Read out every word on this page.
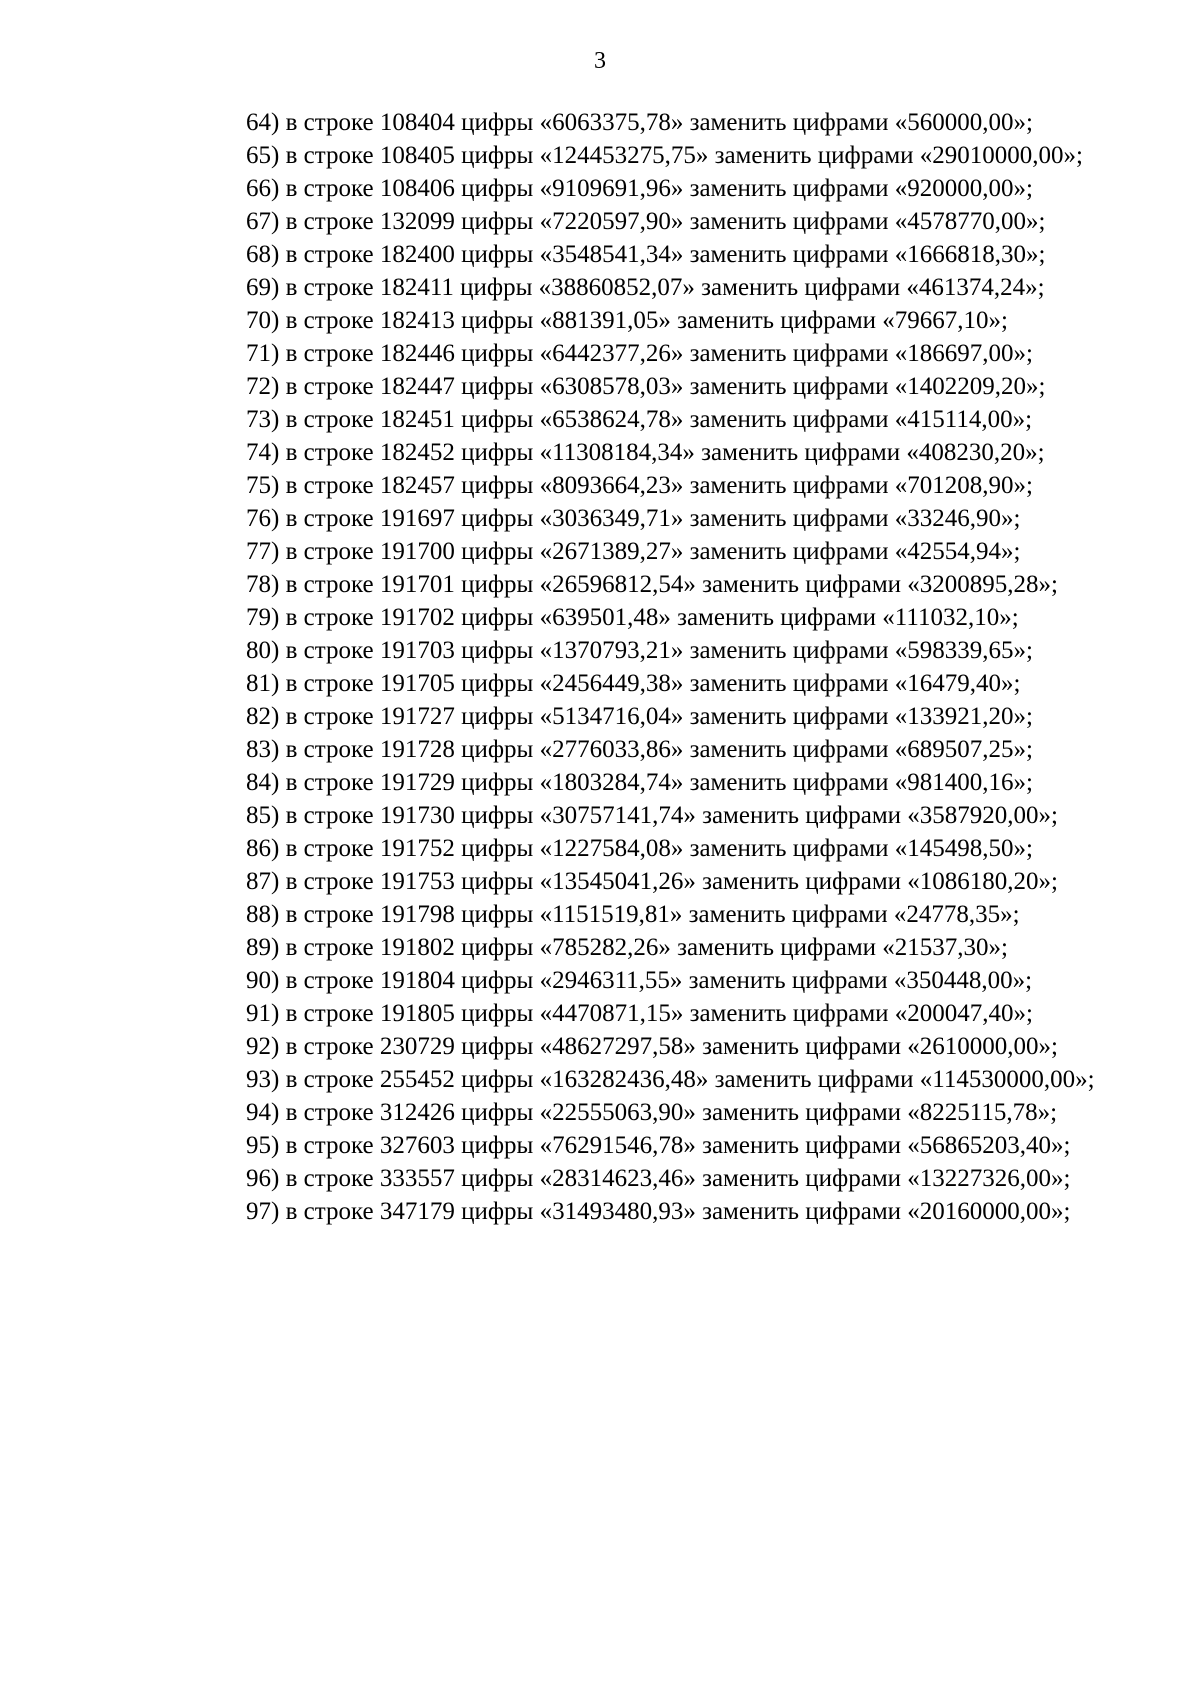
3

64) в строке 108404 цифры «6063375,78» заменить цифрами «560000,00»;

65) в строке 108405 цифры «124453275,75» заменить цифрами «29010000,00»;

66) в строке 108406 цифры «9109691,96» заменить цифрами «920000,00»;

67) в строке 132099 цифры «7220597,90» заменить цифрами «4578770,00»;

68) в строке 182400 цифры «3548541,34» заменить цифрами «1666818,30»;

69) в строке 182411 цифры «38860852,07» заменить цифрами «461374,24»;

70) в строке 182413 цифры «881391,05» заменить цифрами «79667,10»;

71) в строке 182446 цифры «6442377,26» заменить цифрами «186697,00»;

72) в строке 182447 цифры «6308578,03» заменить цифрами «1402209,20»;

73) в строке 182451 цифры «6538624,78» заменить цифрами «415114,00»;

74) в строке 182452 цифры «11308184,34» заменить цифрами «408230,20»;

75) в строке 182457 цифры «8093664,23» заменить цифрами «701208,90»;

76) в строке 191697 цифры «3036349,71» заменить цифрами «33246,90»;

77) в строке 191700 цифры «2671389,27» заменить цифрами «42554,94»;

78) в строке 191701 цифры «26596812,54» заменить цифрами «3200895,28»;

79) в строке 191702 цифры «639501,48» заменить цифрами «111032,10»;

80) в строке 191703 цифры «1370793,21» заменить цифрами «598339,65»;

81) в строке 191705 цифры «2456449,38» заменить цифрами «16479,40»;

82) в строке 191727 цифры «5134716,04» заменить цифрами «133921,20»;

83) в строке 191728 цифры «2776033,86» заменить цифрами «689507,25»;

84) в строке 191729 цифры «1803284,74» заменить цифрами «981400,16»;

85) в строке 191730 цифры «30757141,74» заменить цифрами «3587920,00»;

86) в строке 191752 цифры «1227584,08» заменить цифрами «145498,50»;

87) в строке 191753 цифры «13545041,26» заменить цифрами «1086180,20»;

88) в строке 191798 цифры «1151519,81» заменить цифрами «24778,35»;

89) в строке 191802 цифры «785282,26» заменить цифрами «21537,30»;

90) в строке 191804 цифры «2946311,55» заменить цифрами «350448,00»;

91) в строке 191805 цифры «4470871,15» заменить цифрами «200047,40»;

92) в строке 230729 цифры «48627297,58» заменить цифрами «2610000,00»;

93) в строке 255452 цифры «163282436,48» заменить цифрами «114530000,00»;

94) в строке 312426 цифры «22555063,90» заменить цифрами «8225115,78»;

95) в строке 327603 цифры «76291546,78» заменить цифрами «56865203,40»;

96) в строке 333557 цифры «28314623,46» заменить цифрами «13227326,00»;

97) в строке 347179 цифры «31493480,93» заменить цифрами «20160000,00»;
